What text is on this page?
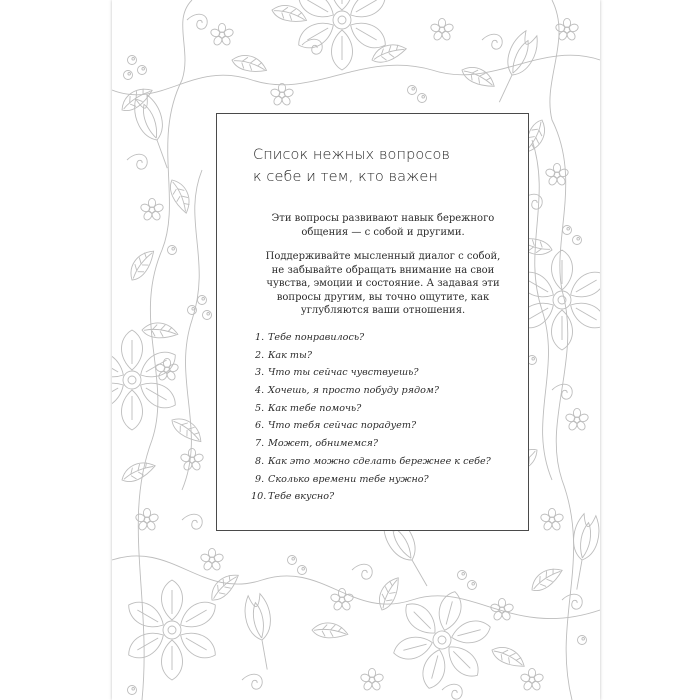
Список нежных вопросов
к себе и тем, кто важен
Эти вопросы развивают навык бережного
общения — с собой и другими.
Поддерживайте мысленный диалог с собой,
не забывайте обращать внимание на свои
чувства, эмоции и состояние. А задавая эти
вопросы другим, вы точно ощутите, как
углубляются ваши отношения.
1. Тебе понравилось?
2. Как ты?
3. Что ты сейчас чувствуешь?
4. Хочешь, я просто побуду рядом?
5. Как тебе помочь?
6. Что тебя сейчас порадует?
7. Может, обнимемся?
8. Как это можно сделать бережнее к себе?
9. Сколько времени тебе нужно?
10. Тебе вкусно?
